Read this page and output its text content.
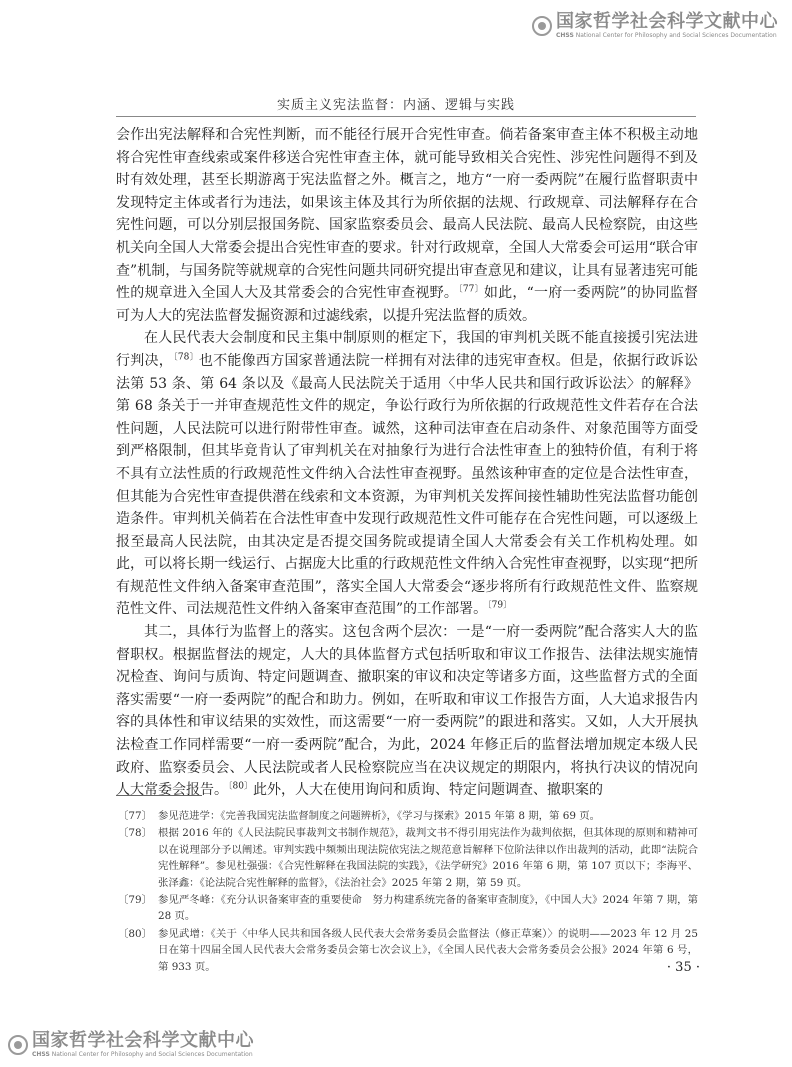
国家哲学社会科学文献中心
CHSS National Center for Philosophy and Social Sciences Documentation
实质主义宪法监督：内涵、逻辑与实践

会作出宪法解释和合宪性判断，而不能径行展开合宪性审查。倘若备案审查主体不积极主动地将合宪性审查线索或案件移送合宪性审查主体，就可能导致相关合宪性、涉宪性问题得不到及时有效处理，甚至长期游离于宪法监督之外。概言之，地方“一府一委两院”在履行监督职责中发现特定主体或者行为违法，如果该主体及其行为所依据的法规、行政规章、司法解释存在合宪性问题，可以分别层报国务院、国家监察委员会、最高人民法院、最高人民检察院，由这些机关向全国人大常委会提出合宪性审查的要求。针对行政规章，全国人大常委会可运用“联合审查”机制，与国务院等就规章的合宪性问题共同研究提出审查意见和建议，让具有显著违宪可能性的规章进入全国人大及其常委会的合宪性审查视野。$^{〔77〕}$如此，“一府一委两院”的协同监督可为人大的宪法监督发掘资源和过滤线索，以提升宪法监督的质效。

在人民代表大会制度和民主集中制原则的框定下，我国的审判机关既不能直接援引宪法进行判决，$^{〔78〕}$也不能像西方国家普通法院一样拥有对法律的违宪审查权。但是，依据行政诉讼法第 53 条、第 64 条以及《最高人民法院关于适用〈中华人民共和国行政诉讼法〉的解释》第 68 条关于一并审查规范性文件的规定，争讼行政行为所依据的行政规范性文件若存在合法性问题，人民法院可以进行附带性审查。诚然，这种司法审查在启动条件、对象范围等方面受到严格限制，但其毕竟肯认了审判机关在对抽象行为进行合法性审查上的独特价值，有利于将不具有立法性质的行政规范性文件纳入合法性审查视野。虽然该种审查的定位是合法性审查，但其能为合宪性审查提供潜在线索和文本资源，为审判机关发挥间接性辅助性宪法监督功能创造条件。审判机关倘若在合法性审查中发现行政规范性文件可能存在合宪性问题，可以逐级上报至最高人民法院，由其决定是否提交国务院或提请全国人大常委会有关工作机构处理。如此，可以将长期一线运行、占据庞大比重的行政规范性文件纳入合宪性审查视野，以实现“把所有规范性文件纳入备案审查范围”，落实全国人大常委会“逐步将所有行政规范性文件、监察规范性文件、司法规范性文件纳入备案审查范围”的工作部署。$^{〔79〕}$

其二，具体行为监督上的落实。这包含两个层次：一是“一府一委两院”配合落实人大的监督职权。根据监督法的规定，人大的具体监督方式包括听取和审议工作报告、法律法规实施情况检查、询问与质询、特定问题调查、撤职案的审议和决定等诸多方面，这些监督方式的全面落实需要“一府一委两院”的配合和助力。例如，在听取和审议工作报告方面，人大追求报告内容的具体性和审议结果的实效性，而这需要“一府一委两院”的跟进和落实。又如，人大开展执法检查工作同样需要“一府一委两院”配合，为此，2024 年修正后的监督法增加规定本级人民政府、监察委员会、人民法院或者人民检察院应当在决议规定的期限内，将执行决议的情况向人大常委会报告。$^{〔80〕}$此外，人大在使用询问和质询、特定问题调查、撤职案的

〔77〕 参见范进学：《完善我国宪法监督制度之问题辨析》，《学习与探索》2015 年第 8 期，第 69 页。
〔78〕 根据 2016 年的《人民法院民事裁判文书制作规范》，裁判文书不得引用宪法作为裁判依据，但其体现的原则和精神可以在说理部分予以阐述。审判实践中频频出现法院依宪法之规范意旨解释下位阶法律以作出裁判的活动，此即“法院合宪性解释”。参见杜强强：《合宪性解释在我国法院的实践》，《法学研究》2016 年第 6 期，第 107 页以下；李海平、张泽鑫：《论法院合宪性解释的监督》，《法治社会》2025 年第 2 期，第 59 页。
〔79〕 参见严冬峰：《充分认识备案审查的重要使命　努力构建系统完备的备案审查制度》，《中国人大》2024 年第 7 期，第 28 页。
〔80〕 参见武增：《关于〈中华人民共和国各级人民代表大会常务委员会监督法（修正草案）〉的说明——2023 年 12 月 25 日在第十四届全国人民代表大会常务委员会第七次会议上》，《全国人民代表大会常务委员会公报》2024 年第 6 号，第 933 页。	· 35 ·
国家哲学社会科学文献中心
CHSS National Center for Philosophy and Social Sciences Documentation
